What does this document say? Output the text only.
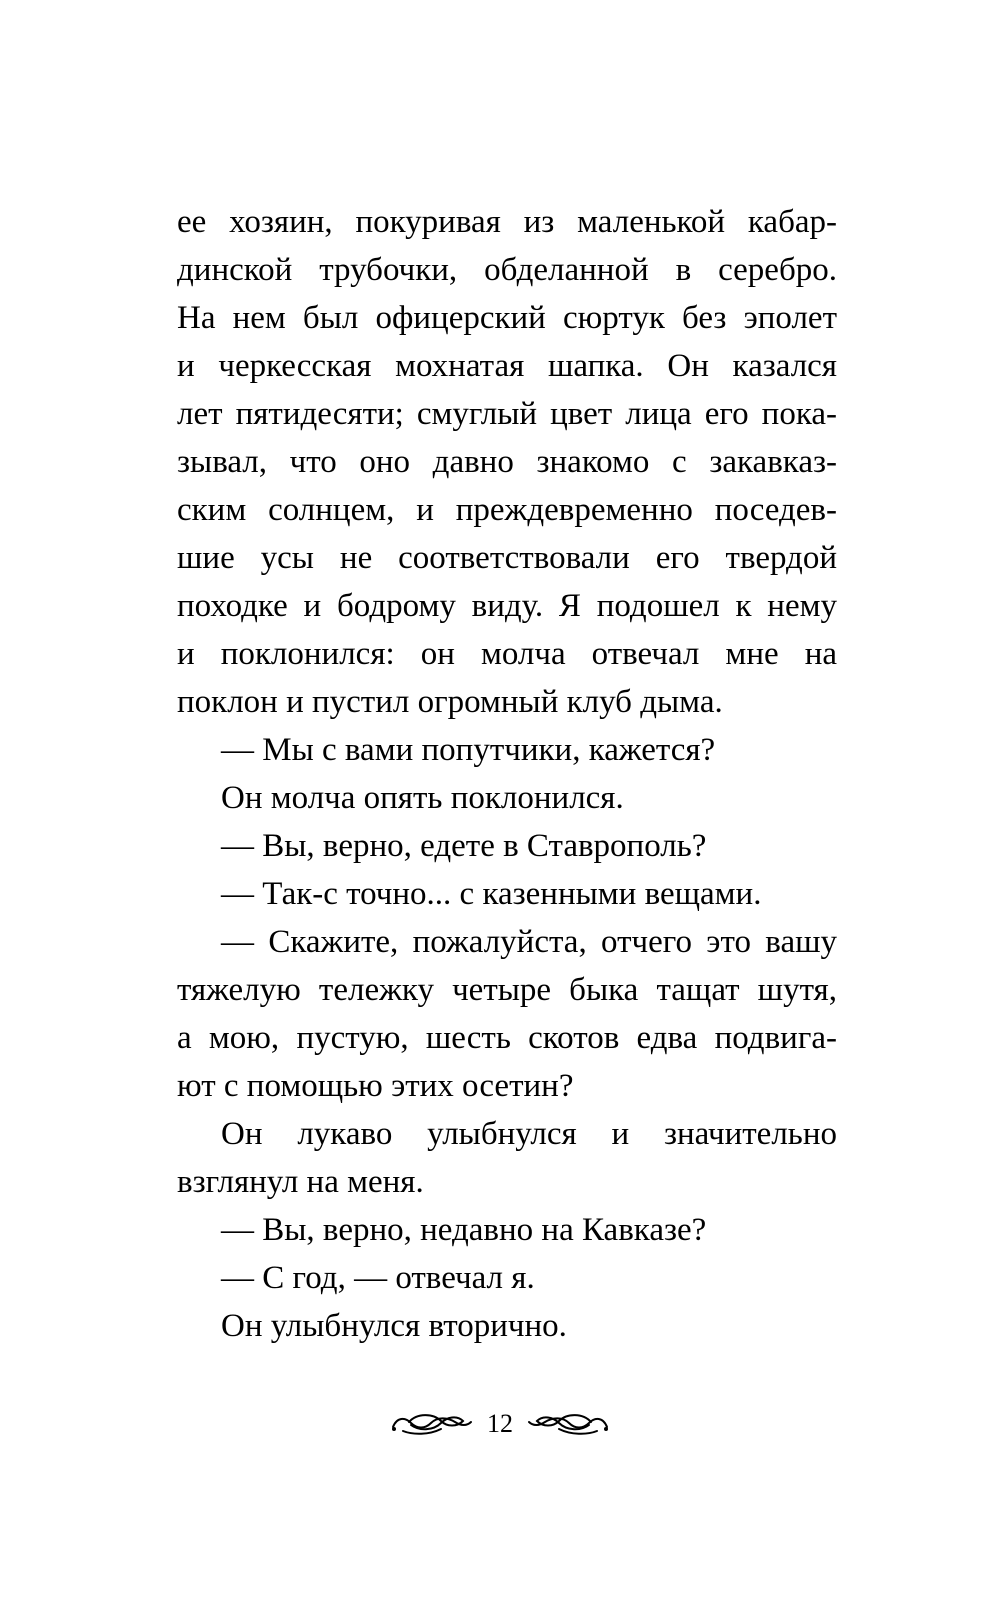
ее хозяин, покуривая из маленькой кабар-
динской трубочки, обделанной в серебро.
На нем был офицерский сюртук без эполет
и черкесская мохнатая шапка. Он казался
лет пятидесяти; смуглый цвет лица его пока-
зывал, что оно давно знакомо с закавказ-
ским солнцем, и преждевременно поседев-
шие усы не соответствовали его твердой
походке и бодрому виду. Я подошел к нему
и поклонился: он молча отвечал мне на
поклон и пустил огромный клуб дыма.
— Мы с вами попутчики, кажется?
Он молча опять поклонился.
— Вы, верно, едете в Ставрополь?
— Так-с точно... с казенными вещами.
— Скажите, пожалуйста, отчего это вашу
тяжелую тележку четыре быка тащат шутя,
а мою, пустую, шесть скотов едва подвига-
ют с помощью этих осетин?
Он лукаво улыбнулся и значительно
взглянул на меня.
— Вы, верно, недавно на Кавказе?
— С год, — отвечал я.
Он улыбнулся вторично.
12
